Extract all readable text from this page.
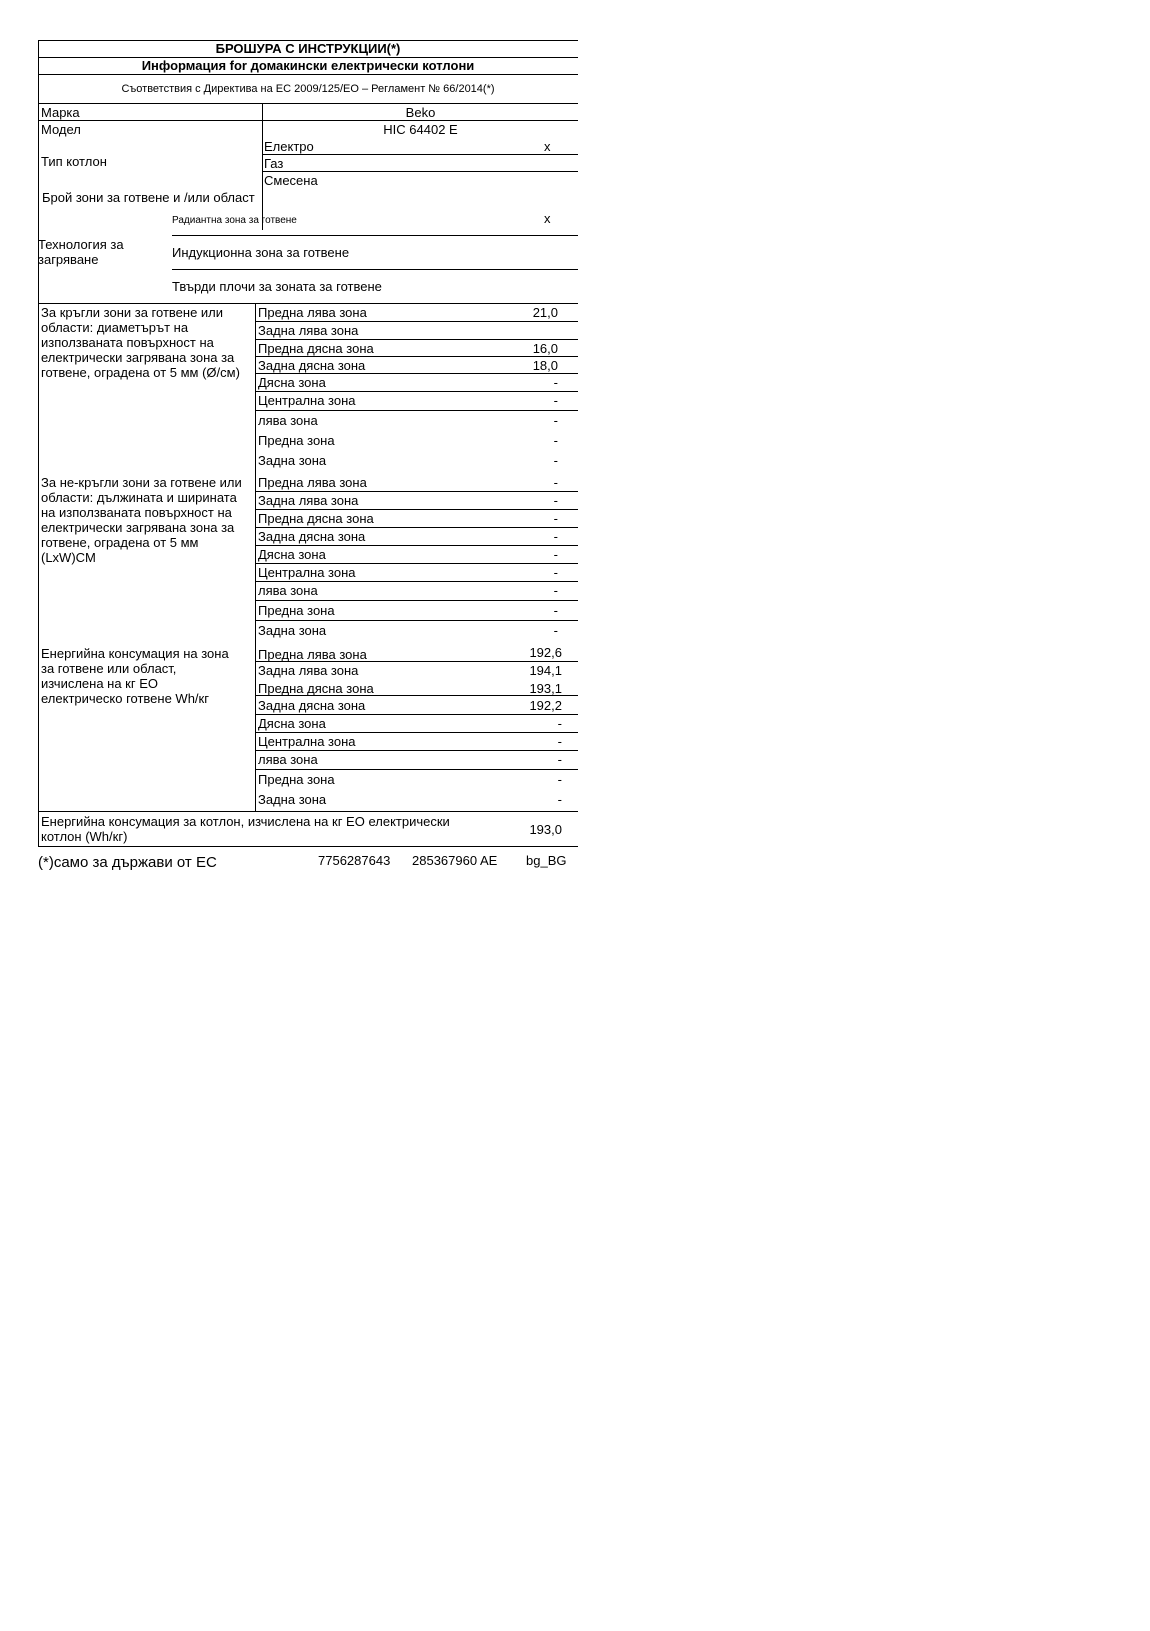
БРОШУРА С ИНСТРУКЦИИ(*)
Информация for домакински електрически котлони
Съответствия с Директива на ЕС 2009/125/ЕО – Регламент № 66/2014(*)
Марка	Beko
Модел	HIC 64402 E
Тип котлон
Електро	x
Газ
Смесена
Брой зони за готвене и /или област
Технология за загряване
Радиантна зона за готвене	x
Индукционна зона за готвене
Твърди плочи за зоната за готвене
За кръгли зони за готвене или области: диаметърът на използваната повърхност на електрически загрявана зона за готвене, оградена от 5 мм (Ø/см)
Предна лява зона	21,0
Задна лява зона
Предна дясна зона	16,0
Задна дясна зона	18,0
Дясна зона	-
Централна зона	-
лява зона	-
Предна зона	-
Задна зона	-
За не-кръгли зони за готвене или области: дължината и ширината на използваната повърхност на електрически загрявана зона за готвене, оградена от 5 мм (LxW)CM
Предна лява зона	-
Задна лява зона	-
Предна дясна зона	-
Задна дясна зона	-
Дясна зона	-
Централна зона	-
лява зона	-
Предна зона	-
Задна зона	-
Енергийна консумация на зона за готвене или област, изчислена на кг ЕО електрическо готвене Wh/кг
Предна лява зона	192,6
Задна лява зона	194,1
Предна дясна зона	193,1
Задна дясна зона	192,2
Дясна зона	-
Централна зона	-
лява зона	-
Предна зона	-
Задна зона	-
Енергийна консумация за котлон, изчислена на кг ЕО електрически котлон (Wh/кг)	193,0
(*)само за държави от ЕС	7756287643 285367960 AE bg_BG
